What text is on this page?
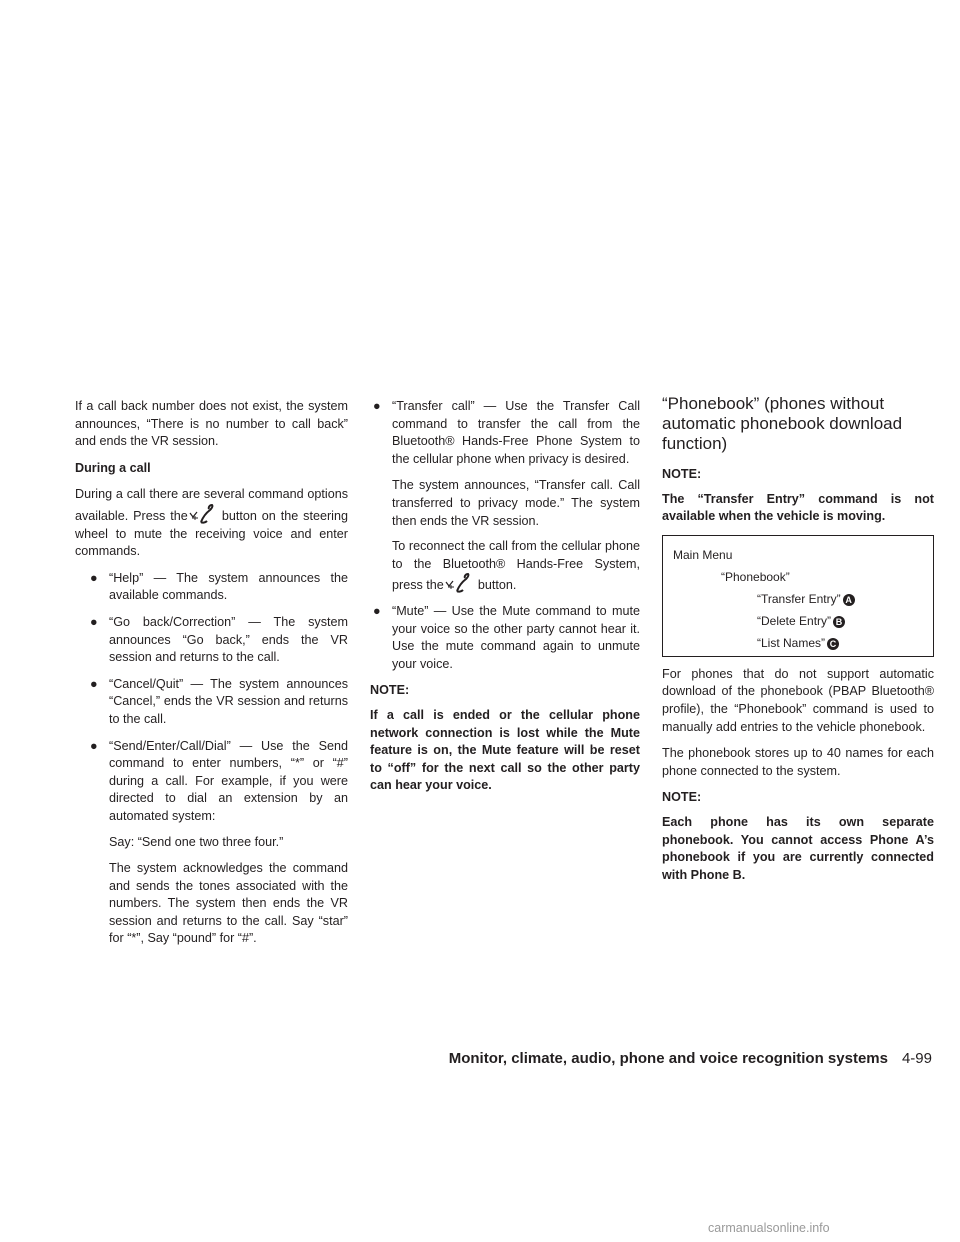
If a call back number does not exist, the system announces, “There is no number to call back” and ends the VR session.

During a call

During a call there are several command options available. Press the	button on the steering wheel to mute the receiving voice and enter commands.

● “Help” — The system announces the available commands.
● “Go back/Correction” — The system announces “Go back,” ends the VR session and returns to the call.
● “Cancel/Quit” — The system announces “Cancel,” ends the VR session and returns to the call.
● “Send/Enter/Call/Dial” — Use the Send command to enter numbers, “*” or “#” during a call. For example, if you were directed to dial an extension by an automated system:

Say: “Send one two three four.”

The system acknowledges the command and sends the tones associated with the numbers. The system then ends the VR session and returns to the call. Say “star” for “*”, Say “pound” for “#”.

● “Transfer call” — Use the Transfer Call command to transfer the call from the Bluetooth® Hands-Free Phone System to the cellular phone when privacy is desired.

The system announces, “Transfer call. Call transferred to privacy mode.” The system then ends the VR session.

To reconnect the call from the cellular phone to the Bluetooth® Hands-Free System, press the	button.

● “Mute” — Use the Mute command to mute your voice so the other party cannot hear it. Use the mute command again to unmute your voice.

NOTE:

If a call is ended or the cellular phone network connection is lost while the Mute feature is on, the Mute feature will be reset to “off” for the next call so the other party can hear your voice.

“Phonebook” (phones without automatic phonebook download function)

NOTE:

The “Transfer Entry” command is not available when the vehicle is moving.

Main Menu
“Phonebook”
“Transfer Entry” A
“Delete Entry” B
“List Names” C

For phones that do not support automatic download of the phonebook (PBAP Bluetooth® profile), the “Phonebook” command is used to manually add entries to the vehicle phonebook.

The phonebook stores up to 40 names for each phone connected to the system.

NOTE:

Each phone has its own separate phonebook. You cannot access Phone A’s phonebook if you are currently connected with Phone B.

Monitor, climate, audio, phone and voice recognition systems 4-99
carmanualsonline.info
